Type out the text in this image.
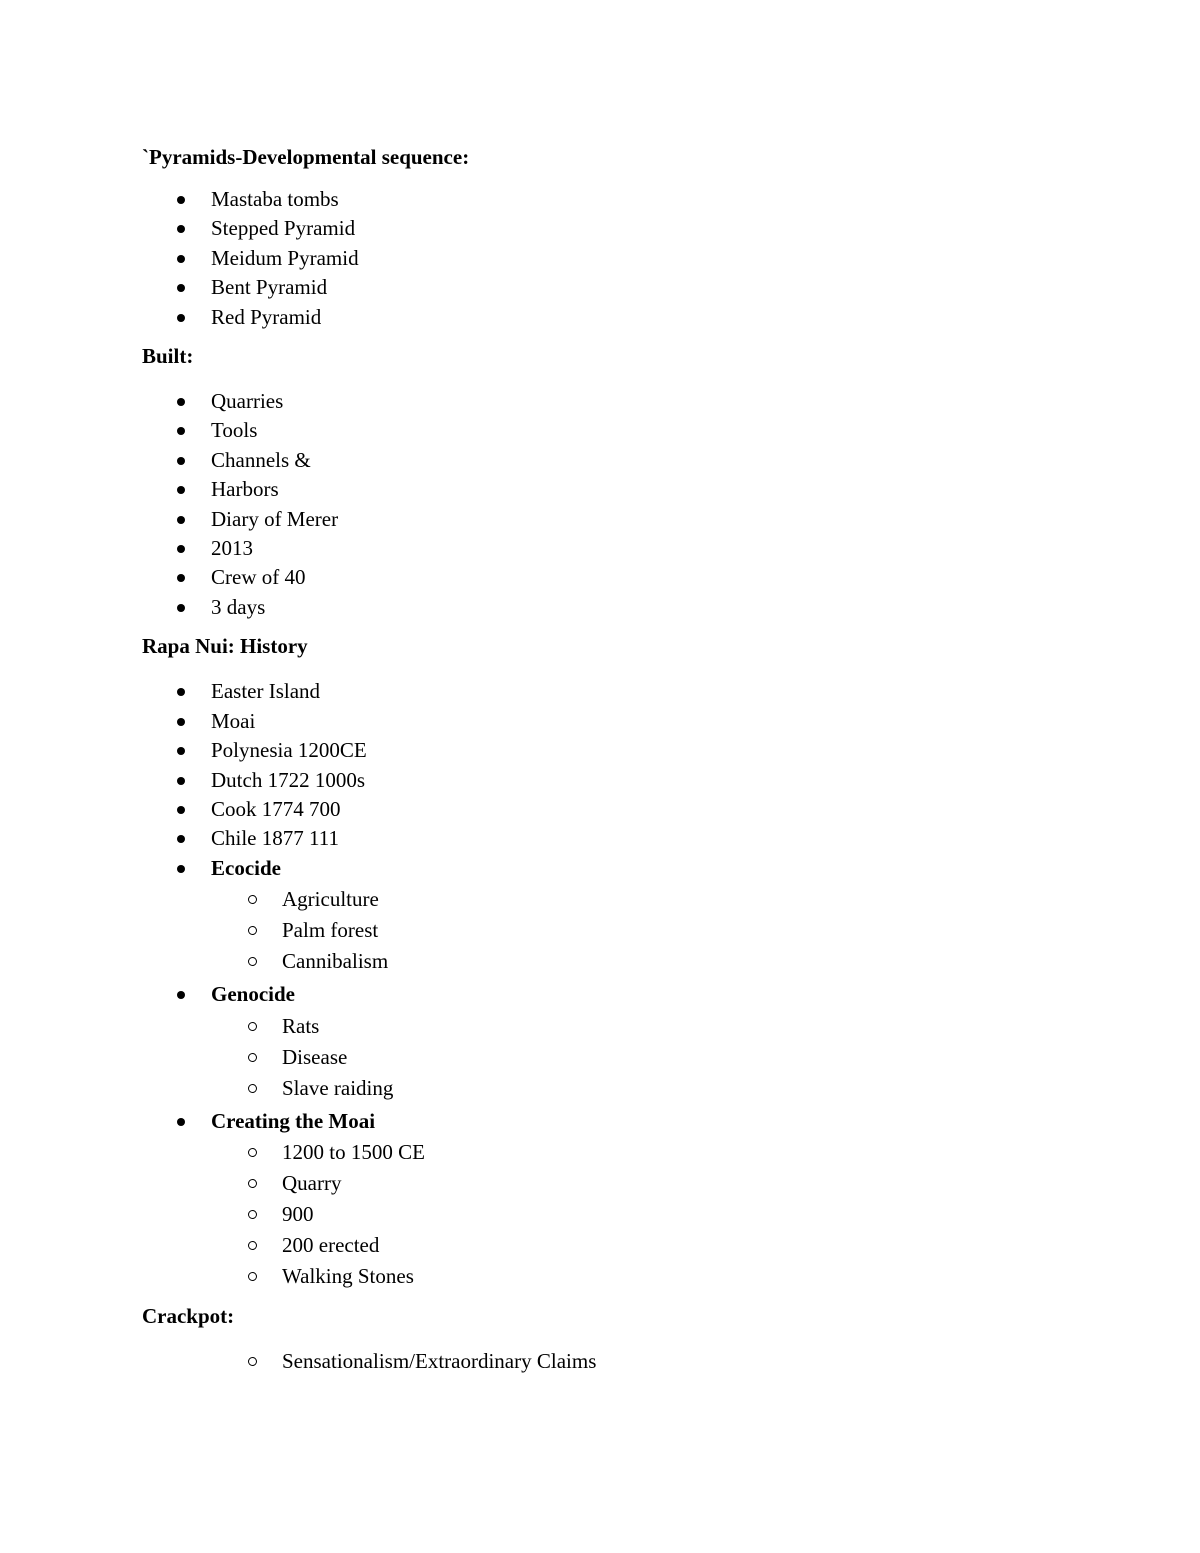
`Pyramids-Developmental sequence:

Mastaba tombs
Stepped Pyramid
Meidum Pyramid
Bent Pyramid
Red Pyramid

Built:

Quarries
Tools
Channels &
Harbors
Diary of Merer
2013
Crew of 40
3 days

Rapa Nui: History

Easter Island
Moai
Polynesia 1200CE
Dutch 1722 1000s
Cook 1774 700
Chile 1877 111
Ecocide
Agriculture
Palm forest
Cannibalism
Genocide
Rats
Disease
Slave raiding
Creating the Moai
1200 to 1500 CE
Quarry
900
200 erected
Walking Stones

Crackpot:

Sensationalism/Extraordinary Claims
